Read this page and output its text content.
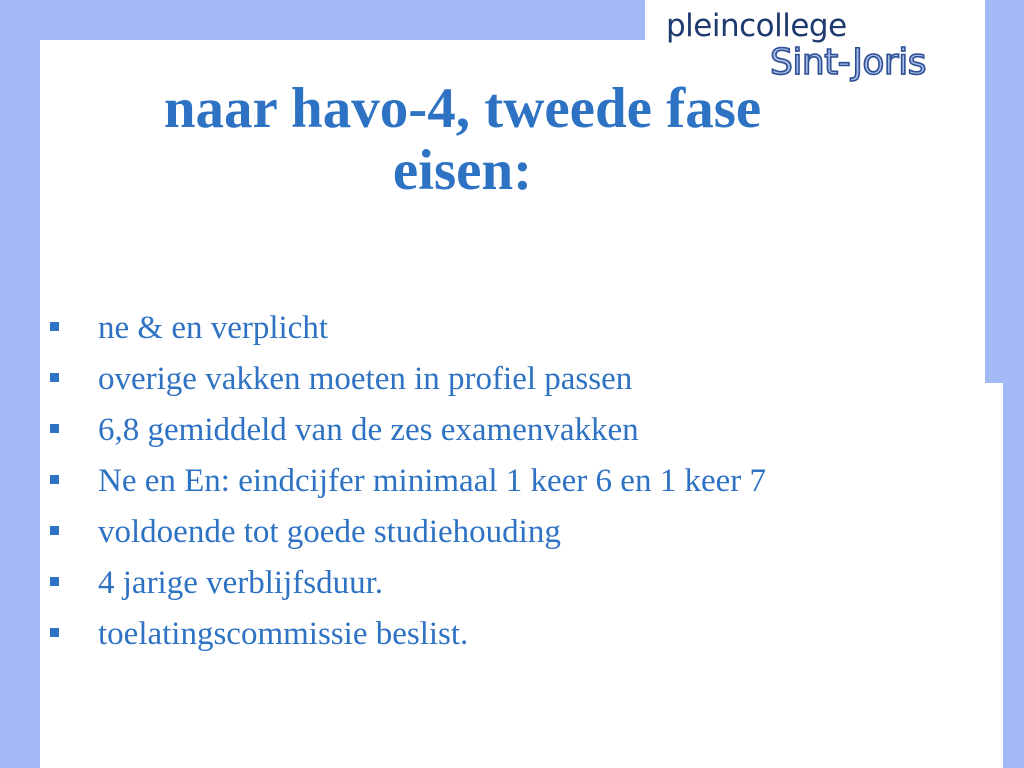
pleincollege
Sint-Joris
naar havo-4, tweede fase
eisen:
ne & en verplicht
overige vakken moeten in profiel passen
6,8 gemiddeld van de zes examenvakken
Ne en En: eindcijfer minimaal 1 keer 6 en 1 keer 7
voldoende tot goede studiehouding
4 jarige verblijfsduur.
toelatingscommissie beslist.
